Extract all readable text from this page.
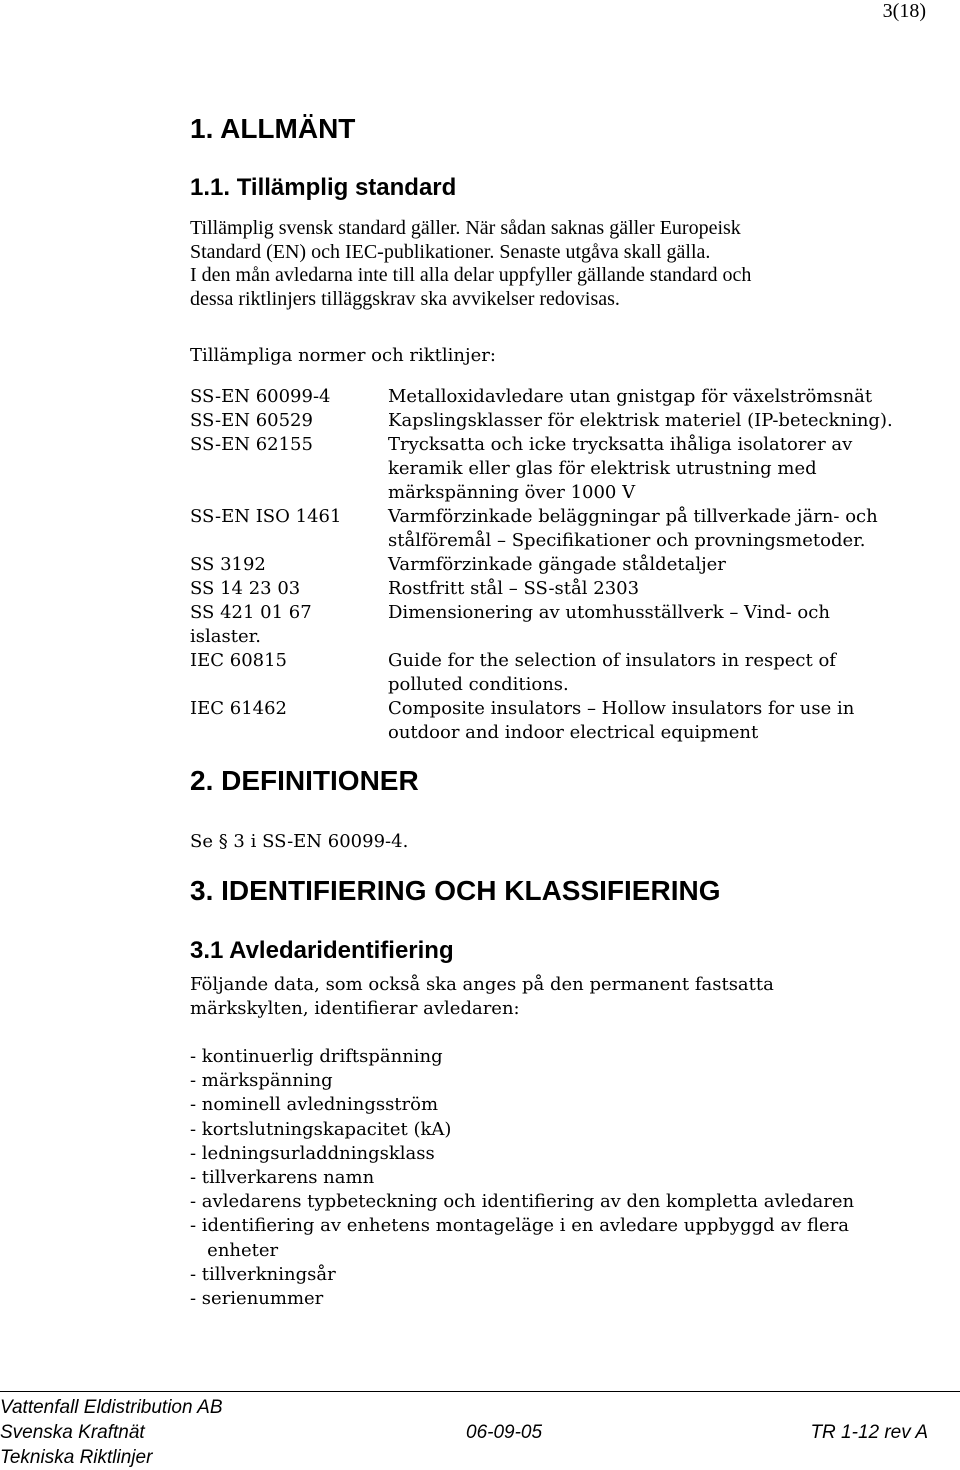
3(18)
1. ALLMÄNT
1.1. Tillämplig standard
Tillämplig svensk standard gäller. När sådan saknas gäller Europeisk
Standard (EN) och IEC-publikationer. Senaste utgåva skall gälla.
I den mån avledarna inte till alla delar uppfyller gällande standard och
dessa riktlinjers tilläggskrav ska avvikelser redovisas.
Tillämpliga normer och riktlinjer:
SS-EN 60099-4	Metalloxidavledare utan gnistgap för växelströmsnät
SS-EN 60529	Kapslingsklasser för elektrisk materiel (IP-beteckning).
SS-EN 62155	Trycksatta och icke trycksatta ihåliga isolatorer av
keramik eller glas för elektrisk utrustning med
märkspänning över 1000 V
SS-EN ISO 1461	Varmförzinkade beläggningar på tillverkade järn- och
stålföremål – Specifikationer och provningsmetoder.
SS 3192	Varmförzinkade gängade ståldetaljer
SS 14 23 03	Rostfritt stål – SS-stål 2303
SS 421 01 67	Dimensionering av utomhusställverk – Vind- och
islaster.
IEC 60815	Guide for the selection of insulators in respect of
polluted conditions.
IEC 61462	Composite insulators – Hollow insulators for use in
outdoor and indoor electrical equipment
2. DEFINITIONER
Se § 3 i SS-EN 60099-4.
3. IDENTIFIERING OCH KLASSIFIERING
3.1 Avledaridentifiering
Följande data, som också ska anges på den permanent fastsatta
märkskylten, identifierar avledaren:
- kontinuerlig driftspänning
- märkspänning
- nominell avledningsström
- kortslutningskapacitet (kA)
- ledningsurladdningsklass
- tillverkarens namn
- avledarens typbeteckning och identifiering av den kompletta avledaren
- identifiering av enhetens montageläge i en avledare uppbyggd av flera
enheter
- tillverkningsår
- serienummer
Vattenfall Eldistribution AB
Svenska Kraftnät
Tekniska Riktlinjer
06-09-05	TR 1-12 rev A
